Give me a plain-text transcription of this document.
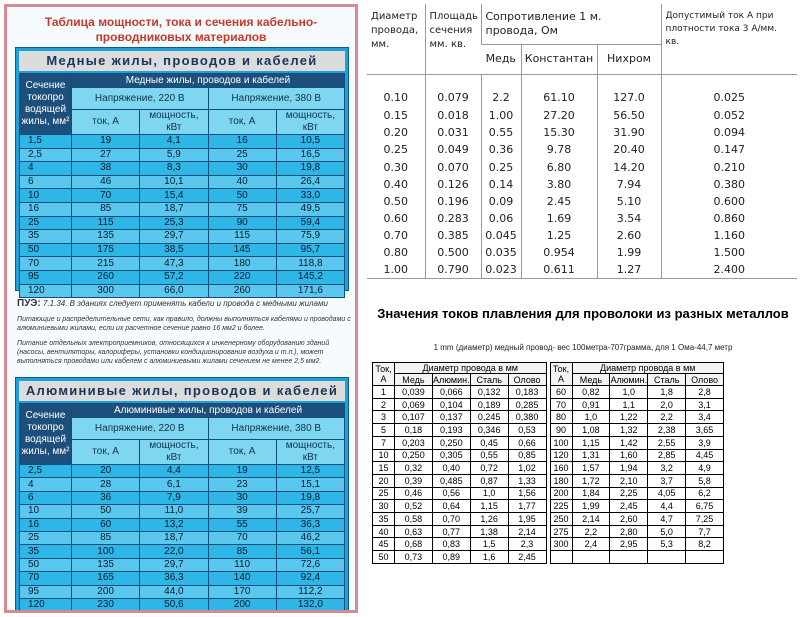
Таблица мощности, тока и сечения кабельно-проводниковых материалов
Медные жилы, проводов и кабелей
Сечение токопро водящей жилы, мм²	Медные жилы, проводов и кабелей			
	Напряжение, 220 В		Напряжение, 380 В	
	ток, А	мощность, кВт	ток, А	мощность, кВт
1,5	19	4,1	16	10,5
2,5	27	5,9	25	16,5
4	38	8,3	30	19,8
6	46	10,1	40	26,4
10	70	15,4	50	33,0
16	85	18,7	75	49,5
25	115	25,3	90	59,4
35	135	29,7	115	75,9
50	175	38,5	145	95,7
70	215	47,3	180	118,8
95	260	57,2	220	145,2
120	300	66,0	260	171,6
ПУЭ: 7.1.34. В зданиях следует применять кабели и провода с медными жилами
Питающие и распределительные сети, как правило, должны выполняться кабелями и проводами с алюминиевыми жилами, если их расчетное сечение равно 16 мм2 и более.
Питание отдельных электроприемников, относящихся к инженерному оборудованию зданий (насосы, вентиляторы, калориферы, установки кондиционирования воздуха и т.п.), может выполняться проводами или кабелем с алюминиевыми жилами сечением не менее 2,5 мм2.
Алюминивые жилы, проводов и кабелей
Сечение токопро водящей жилы, мм²	Алюминивые жилы, проводов и кабелей			
	Напряжение, 220 В		Напряжение, 380 В	
	ток, А	мощность, кВт	ток, А	мощность, кВт
2,5	20	4,4	19	12,5
4	28	6,1	23	15,1
6	36	7,9	30	19,8
10	50	11,0	39	25,7
16	60	13,2	55	36,3
25	85	18,7	70	46,2
35	100	22,0	85	56,1
50	135	29,7	110	72,6
70	165	36,3	140	92,4
95	200	44,0	170	112,2
120	230	50,6	200	132,0
Диаметр провода, мм.	Площадь сечения мм. кв.	Сопротивление 1 м. провода, Ом			Допустимый ток А при плотности тока 3 А/мм. кв.
		Медь	Константан	Нихром	
0.10	0.079	2.2	61.10	127.0	0.025
0.15	0.018	1.00	27.20	56.50	0.052
0.20	0.031	0.55	15.30	31.90	0.094
0.25	0.049	0.36	9.78	20.40	0.147
0.30	0.070	0.25	6.80	14.20	0.210
0.40	0.126	0.14	3.80	7.94	0.380
0.50	0.196	0.09	2.45	5.10	0.600
0.60	0.283	0.06	1.69	3.54	0.860
0.70	0.385	0.045	1.25	2.60	1.160
0.80	0.500	0.035	0.954	1.99	1.500
1.00	0.790	0.023	0.611	1.27	2.400
Значения токов плавления для проволоки из разных металлов
1 mm (диаметр) медный провод- вес 100метра-707грамма, для 1 Ома-44,7 метр
Ток, А	Диаметр провода в мм					Ток, А	Диаметр провода в мм			
	Медь	Алюмин.	Сталь	Олово			Медь	Алюмин.	Сталь	Олово
1	0,039	0,066	0,132	0,183		60	0,82	1,0	1,8	2,8
2	0,069	0,104	0,189	0,285		70	0,91	1,1	2,0	3,1
3	0,107	0,137	0,245	0,380		80	1,0	1,22	2,2	3,4
5	0,18	0,193	0,346	0,53		90	1,08	1,32	2,38	3,65
7	0,203	0,250	0,45	0,66		100	1,15	1,42	2,55	3,9
10	0,250	0,305	0,55	0,85		120	1,31	1,60	2,85	4,45
15	0,32	0,40	0,72	1,02		160	1,57	1,94	3,2	4,9
20	0,39	0,485	0,87	1,33		180	1,72	2,10	3,7	5,8
25	0,46	0,56	1,0	1,56		200	1,84	2,25	4,05	6,2
30	0,52	0,64	1,15	1,77		225	1,99	2,45	4,4	6,75
35	0,58	0,70	1,26	1,95		250	2,14	2,60	4,7	7,25
40	0,63	0,77	1,38	2,14		275	2,2	2,80	5,0	7,7
45	0,68	0,83	1,5	2,3		300	2,4	2,95	5,3	8,2
50	0,73	0,89	1,6	2,45						
